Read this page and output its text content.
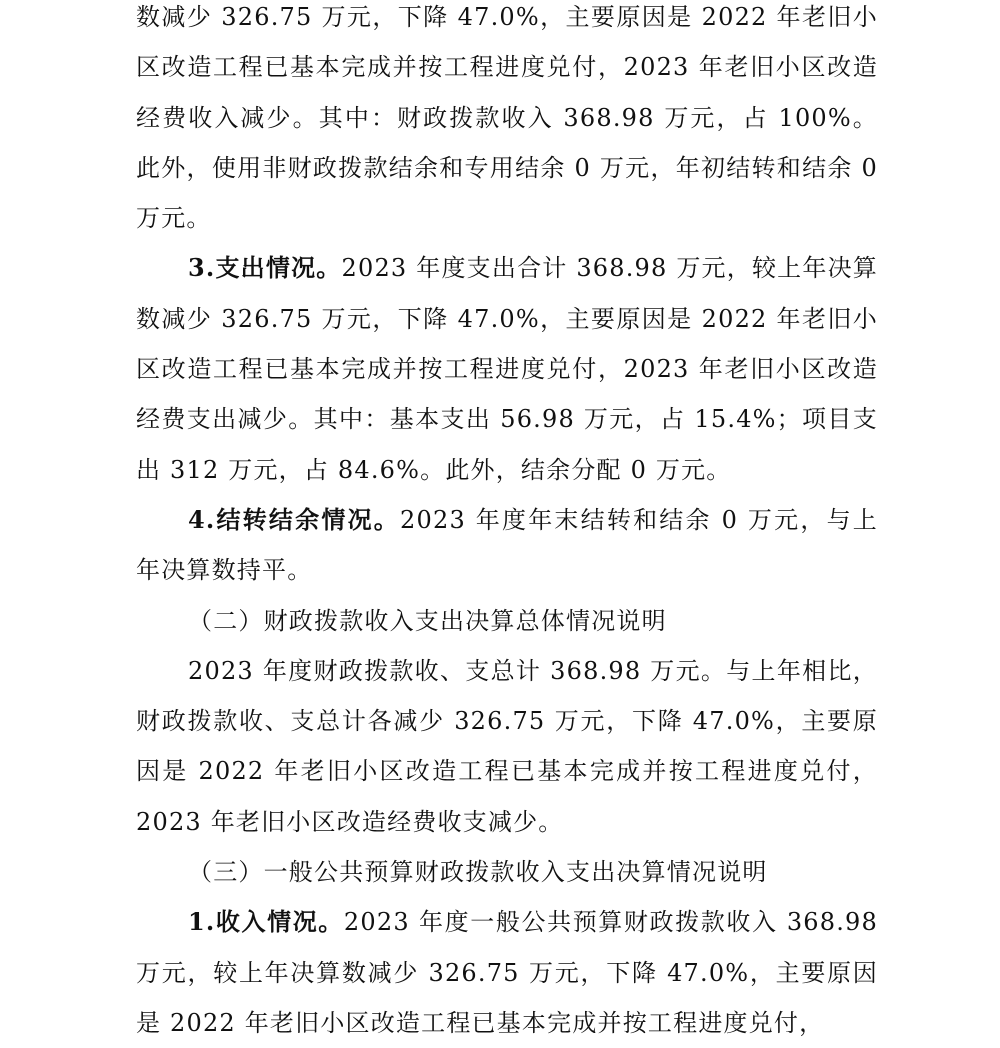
数减少 326.75 万元，下降 47.0%，主要原因是 2022 年老旧小区改造工程已基本完成并按工程进度兑付，2023 年老旧小区改造经费收入减少。其中：财政拨款收入 368.98 万元，占 100%。此外，使用非财政拨款结余和专用结余 0 万元，年初结转和结余 0 万元。

3.支出情况。2023 年度支出合计 368.98 万元，较上年决算数减少 326.75 万元，下降 47.0%，主要原因是 2022 年老旧小区改造工程已基本完成并按工程进度兑付，2023 年老旧小区改造经费支出减少。其中：基本支出 56.98 万元，占 15.4%；项目支出 312 万元，占 84.6%。此外，结余分配 0 万元。

4.结转结余情况。2023 年度年末结转和结余 0 万元，与上年决算数持平。

（二）财政拨款收入支出决算总体情况说明

2023 年度财政拨款收、支总计 368.98 万元。与上年相比，财政拨款收、支总计各减少 326.75 万元，下降 47.0%，主要原因是 2022 年老旧小区改造工程已基本完成并按工程进度兑付，2023 年老旧小区改造经费收支减少。

（三）一般公共预算财政拨款收入支出决算情况说明

1.收入情况。2023 年度一般公共预算财政拨款收入 368.98 万元，较上年决算数减少 326.75 万元，下降 47.0%，主要原因是 2022 年老旧小区改造工程已基本完成并按工程进度兑付，
